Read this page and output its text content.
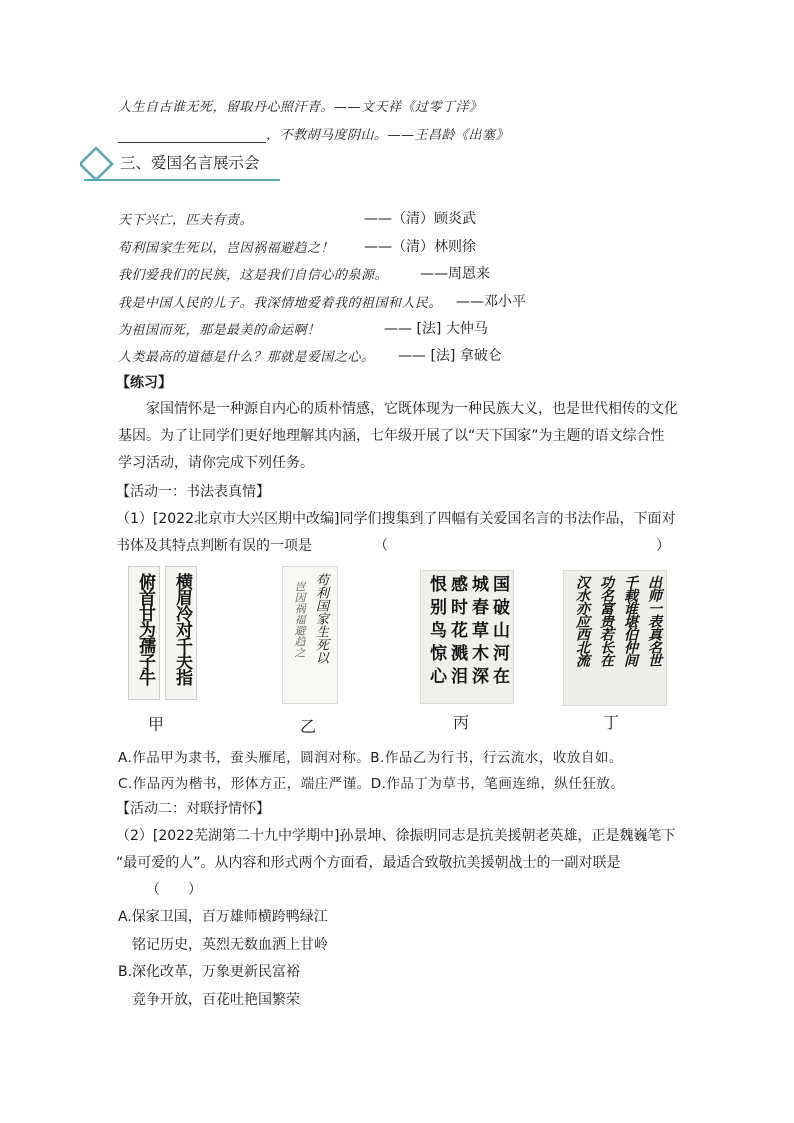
人生自古谁无死，留取丹心照汗青。——文天祥《过零丁洋》
，不教胡马度阴山。——王昌龄《出塞》
三、爱国名言展示会
天下兴亡，匹夫有责。	——（清）顾炎武
苟利国家生死以，岂因祸福避趋之！ ——（清）林则徐
我们爱我们的民族，这是我们自信心的泉源。 ——周恩来
我是中国人民的儿子。我深情地爱着我的祖国和人民。 ——邓小平
为祖国而死，那是最美的命运啊！	—— [法] 大仲马
人类最高的道德是什么？那就是爱国之心。 —— [法] 拿破仑
【练习】
家国情怀是一种源自内心的质朴情感，它既体现为一种民族大义，也是世代相传的文化
基因。为了让同学们更好地理解其内涵，七年级开展了以“天下国家”为主题的语文综合性
学习活动，请你完成下列任务。
【活动一：书法表真情】
（1）[2022北京市大兴区期中改编]同学们搜集到了四幅有关爱国名言的书法作品，下面对
书体及其特点判断有误的一项是	（	）
俯首甘为孺子牛 横眉冷对千夫指
甲
苟利国家生死以
岂因祸福避趋之
乙
国破山河在
城春草木深
感时花溅泪
恨别鸟惊心
丙
出师一表真名世
千载谁堪伯仲间
功名富贵若长在
汉水亦应西北流
丁
A.作品甲为隶书，蚕头雁尾，圆润对称。B.作品乙为行书，行云流水，收放自如。
C.作品丙为楷书，形体方正，端庄严谨。D.作品丁为草书，笔画连绵，纵任狂放。
【活动二：对联抒情怀】
（2）[2022芜湖第二十九中学期中]孙景坤、徐振明同志是抗美援朝老英雄，正是魏巍笔下
“最可爱的人”。从内容和形式两个方面看，最适合致敬抗美援朝战士的一副对联是
（　　）
A.保家卫国，百万雄师横跨鸭绿江
铭记历史，英烈无数血洒上甘岭
B.深化改革，万象更新民富裕
竞争开放，百花吐艳国繁荣
